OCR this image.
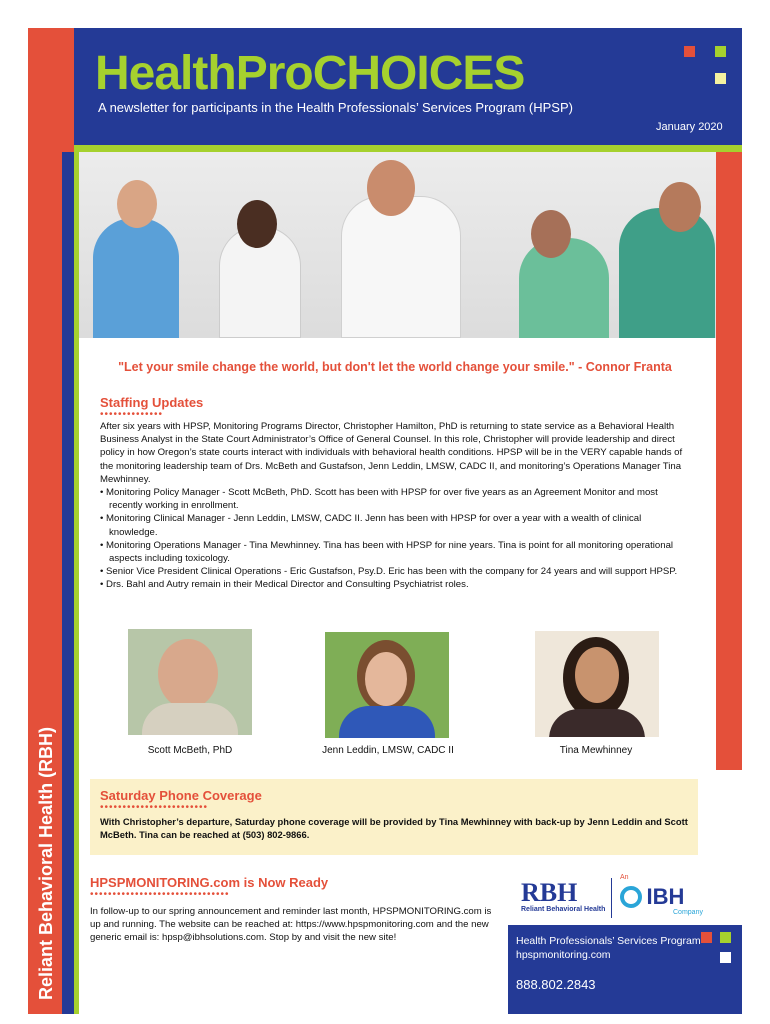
HealthProCHOICES
A newsletter for participants in the Health Professionals’ Services Program (HPSP)
January 2020
Reliant Behavioral Health (RBH)
"Let your smile change the world, but don't let the world change your smile." - Connor Franta
Staffing Updates
••••••••••••••

After six years with HPSP, Monitoring Programs Director, Christopher Hamilton, PhD is returning to state service as a Behavioral Health Business Analyst in the State Court Administrator’s Office of General Counsel. In this role, Christopher will provide leadership and direct policy in how Oregon’s state courts interact with individuals with behavioral health conditions. HPSP will be in the VERY capable hands of the monitoring leadership team of Drs. McBeth and Gustafson, Jenn Leddin, LMSW, CADC II, and monitoring’s Operations Manager Tina Mewhinney.

• Monitoring Policy Manager - Scott McBeth, PhD. Scott has been with HPSP for over five years as an Agreement Monitor and most recently working in enrollment.

• Monitoring Clinical Manager - Jenn Leddin, LMSW, CADC II. Jenn has been with HPSP for over a year with a wealth of clinical knowledge.

• Monitoring Operations Manager - Tina Mewhinney. Tina has been with HPSP for nine years. Tina is point for all monitoring operational aspects including toxicology.

• Senior Vice President Clinical Operations - Eric Gustafson, Psy.D. Eric has been with the company for 24 years and will support HPSP.

• Drs. Bahl and Autry remain in their Medical Director and Consulting Psychiatrist roles.

Scott McBeth, PhD	Jenn Leddin, LMSW, CADC II	Tina Mewhinney
Saturday Phone Coverage
••••••••••••••••••••••••
With Christopher’s departure, Saturday phone coverage will be provided by Tina Mewhinney with back-up by Jenn Leddin and Scott McBeth. Tina can be reached at (503) 802-9866.
HPSPMONITORING.com is Now Ready
•••••••••••••••••••••••••••••••
In follow-up to our spring announcement and reminder last month, HPSPMONITORING.com is up and running. The website can be reached at: https://www.hpspmonitoring.com and the new generic email is: hpsp@ibhsolutions.com. Stop by and visit the new site!
RBH
Reliant Behavioral Health
An
IBH
Company
Health Professionals’ Services Program
hpspmonitoring.com
888.802.2843
